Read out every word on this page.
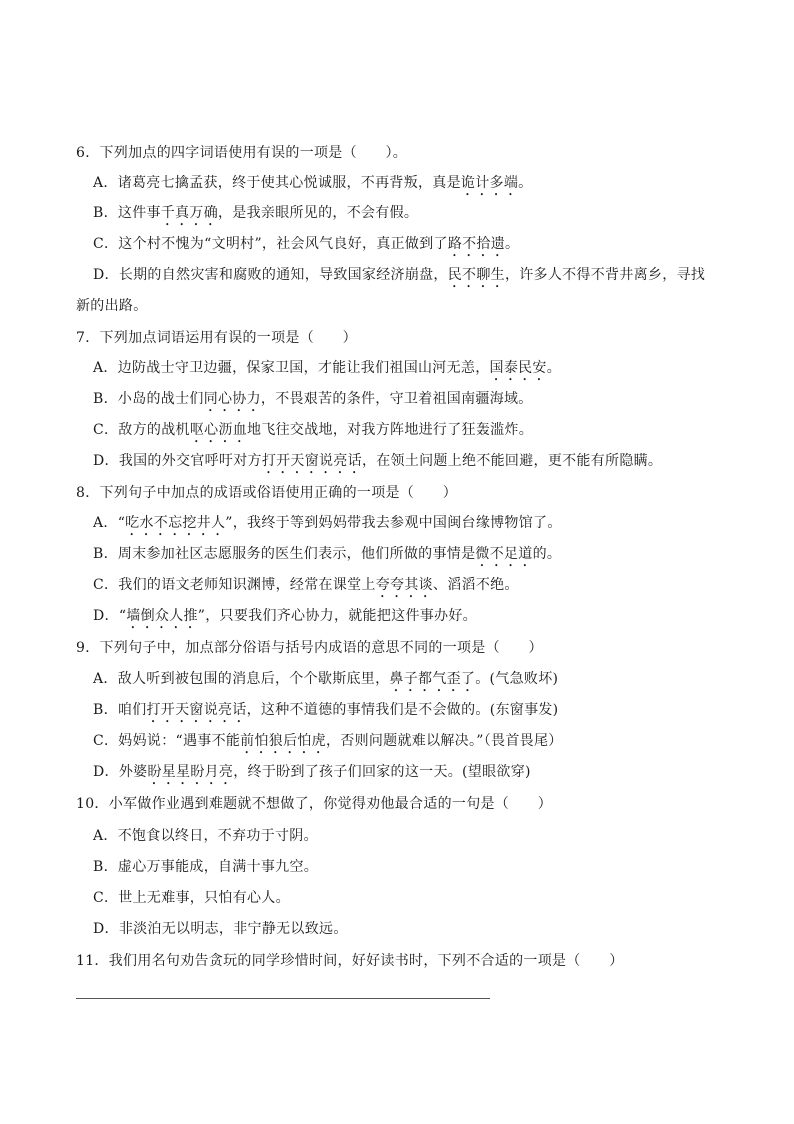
6．下列加点的四字词语使用有误的一项是（　　）。
A．诸葛亮七擒孟获，终于使其心悦诚服，不再背叛，真是诡计多端。
B．这件事千真万确，是我亲眼所见的，不会有假。
C．这个村不愧为“文明村”，社会风气良好，真正做到了路不拾遗。
D．长期的自然灾害和腐败的通知，导致国家经济崩盘，民不聊生，许多人不得不背井离乡，寻找
新的出路。
7．下列加点词语运用有误的一项是（　　）
A．边防战士守卫边疆，保家卫国，才能让我们祖国山河无恙，国泰民安。
B．小岛的战士们同心协力，不畏艰苦的条件，守卫着祖国南疆海域。
C．敌方的战机呕心沥血地飞往交战地，对我方阵地进行了狂轰滥炸。
D．我国的外交官呼吁对方打开天窗说亮话，在领土问题上绝不能回避，更不能有所隐瞒。
8．下列句子中加点的成语或俗语使用正确的一项是（　　）
A．“吃水不忘挖井人”，我终于等到妈妈带我去参观中国闽台缘博物馆了。
B．周末参加社区志愿服务的医生们表示，他们所做的事情是微不足道的。
C．我们的语文老师知识渊博，经常在课堂上夸夸其谈、滔滔不绝。
D．“墙倒众人推”，只要我们齐心协力，就能把这件事办好。
9．下列句子中，加点部分俗语与括号内成语的意思不同的一项是（　　）
A．敌人听到被包围的消息后，个个歇斯底里，鼻子都气歪了。(气急败坏)
B．咱们打开天窗说亮话，这种不道德的事情我们是不会做的。(东窗事发)
C．妈妈说：“遇事不能前怕狼后怕虎，否则问题就难以解决。”（畏首畏尾）
D．外婆盼星星盼月亮，终于盼到了孩子们回家的这一天。(望眼欲穿)
10．小军做作业遇到难题就不想做了，你觉得劝他最合适的一句是（　　）
A．不饱食以终日，不弃功于寸阴。
B．虚心万事能成，自满十事九空。
C．世上无难事，只怕有心人。
D．非淡泊无以明志，非宁静无以致远。
11．我们用名句劝告贪玩的同学珍惜时间，好好读书时，下列不合适的一项是（　　）
